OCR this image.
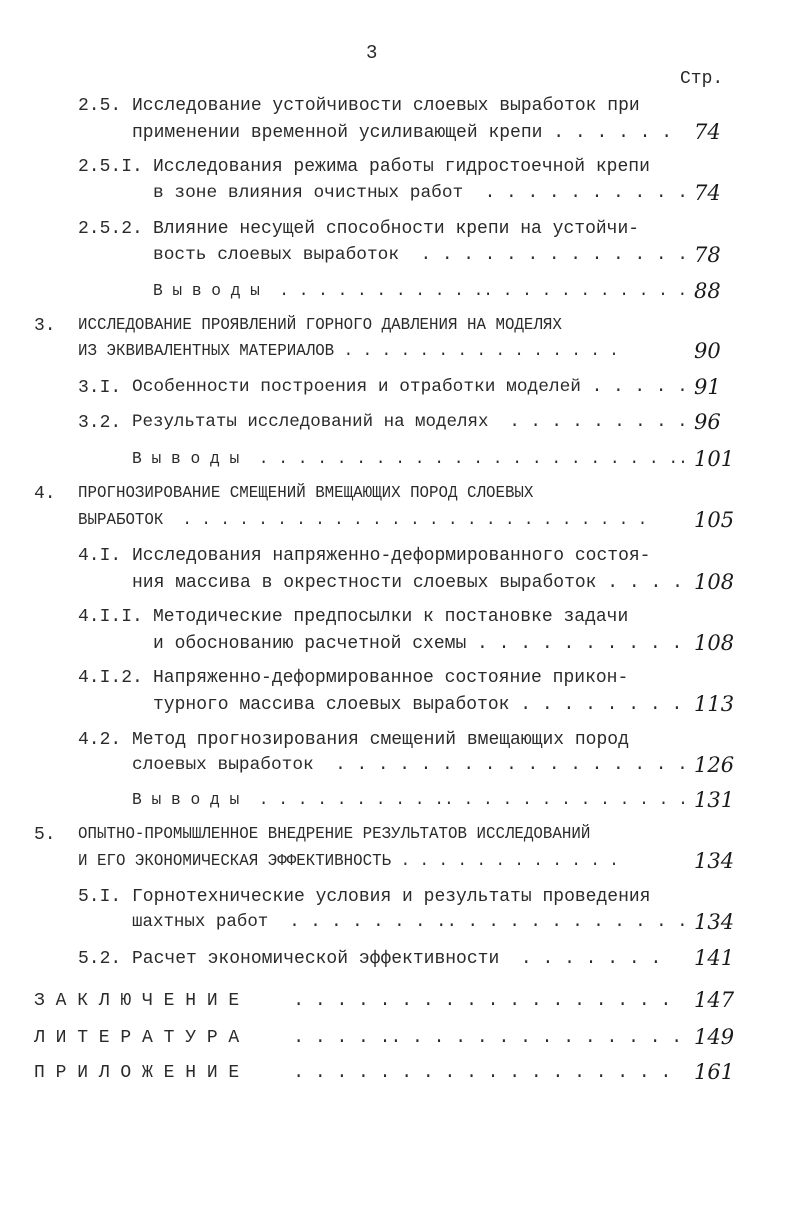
3
Стр.
2.5. Исследование устойчивости слоевых выработок при
применении временной усиливающей крепи . . . . . . 74
2.5.I. Исследования режима работы гидростоечной крепи
в зоне влияния очистных работ  . . . . . . . . . . 74
2.5.2. Влияние несущей способности крепи на устойчи-
вость слоевых выработок  . . . . . . . . . . . . . 78
В ы в о д ы  . . . . . . . . . . .. . . . . . . . . . . 88
3. ИССЛЕДОВАНИЕ ПРОЯВЛЕНИЙ ГОРНОГО ДАВЛЕНИЯ НА МОДЕЛЯХ
ИЗ ЭКВИВАЛЕНТНЫХ МАТЕРИАЛОВ . . . . . . . . . . . . . . .	90
3.I. Особенности построения и отработки моделей . . . . . 91
3.2. Результаты исследований на моделях  . . . . . . . . . 96
В ы в о д ы  . . . . . . . . . . . . . . . . . . . . . .. 101
4. ПРОГНОЗИРОВАНИЕ СМЕЩЕНИЙ ВМЕЩАЮЩИХ ПОРОД СЛОЕВЫХ
ВЫРАБОТОК  . . . . . . . . . . . . . . . . . . . . . . . . . 105
4.I. Исследования напряженно-деформированного состоя-
ния массива в окрестности слоевых выработок . . . . 108
4.I.I. Методические предпосылки к постановке задачи
и обоснованию расчетной схемы . . . . . . . . . . 108
4.I.2. Напряженно-деформированное состояние прикон-
турного массива слоевых выработок . . . . . . . . 113
4.2. Метод прогнозирования смещений вмещающих пород
слоевых выработок  . . . . . . . . . . . . . . . . . 126
В ы в о д ы  . . . . . . . . . .. . . . . . . . . . . . . 131
5. ОПЫТНО-ПРОМЫШЛЕННОЕ ВНЕДРЕНИЕ РЕЗУЛЬТАТОВ ИССЛЕДОВАНИЙ
И ЕГО ЭКОНОМИЧЕСКАЯ ЭФФЕКТИВНОСТЬ . . . . . . . . . . . .	134
5.I. Горнотехнические условия и результаты проведения
шахтных работ  . . . . . . . .. . . . . . . . . . . . 134
5.2. Расчет экономической эффективности  . . . . . . . 141
З А К Л Ю Ч Е Н И Е     . . . . . . . . . . . . . . . . . . 147
Л И Т Е Р А Т У Р А     . . . . .. . . . . . . . . . . . . . 149
П Р И Л О Ж Е Н И Е     . . . . . . . . . . . . . . . . . . 161
